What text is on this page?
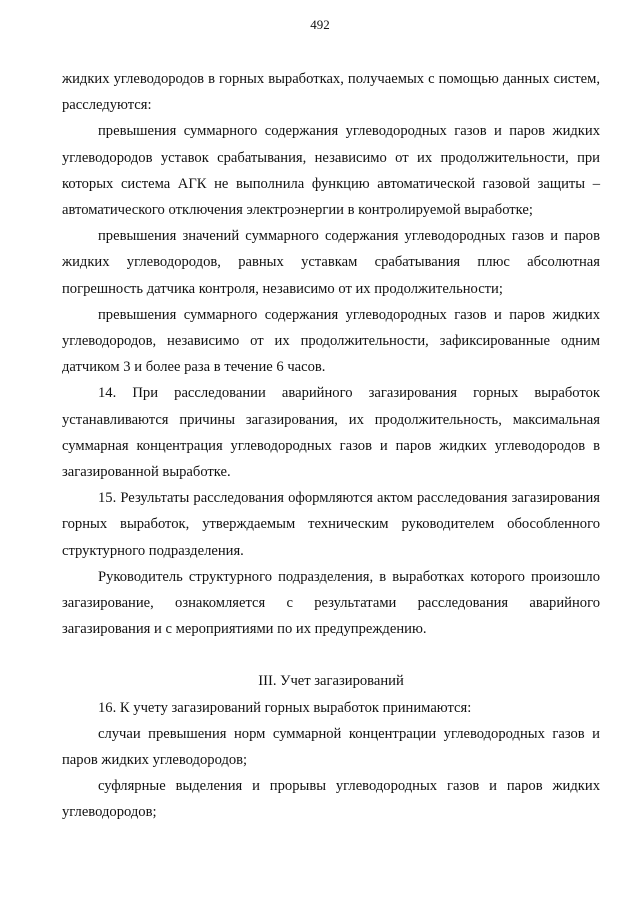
492

жидких углеводородов в горных выработках, получаемых с помощью данных систем, расследуются:

превышения суммарного содержания углеводородных газов и паров жидких углеводородов уставок срабатывания, независимо от их продолжительности, при которых система АГК не выполнила функцию автоматической газовой защиты – автоматического отключения электроэнергии в контролируемой выработке;

превышения значений суммарного содержания углеводородных газов и паров жидких углеводородов, равных уставкам срабатывания плюс абсолютная погрешность датчика контроля, независимо от их продолжительности;

превышения суммарного содержания углеводородных газов и паров жидких углеводородов, независимо от их продолжительности, зафиксированные одним датчиком 3 и более раза в течение 6 часов.

14. При расследовании аварийного загазирования горных выработок устанавливаются причины загазирования, их продолжительность, максимальная суммарная концентрация углеводородных газов и паров жидких углеводородов в загазированной выработке.

15. Результаты расследования оформляются актом расследования загазирования горных выработок, утверждаемым техническим руководителем обособленного структурного подразделения.

Руководитель структурного подразделения, в выработках которого произошло загазирование, ознакомляется с результатами расследования аварийного загазирования и с мероприятиями по их предупреждению.

III. Учет загазирований

16. К учету загазирований горных выработок принимаются:

случаи превышения норм суммарной концентрации углеводородных газов и паров жидких углеводородов;

суфлярные выделения и прорывы углеводородных газов и паров жидких углеводородов;
